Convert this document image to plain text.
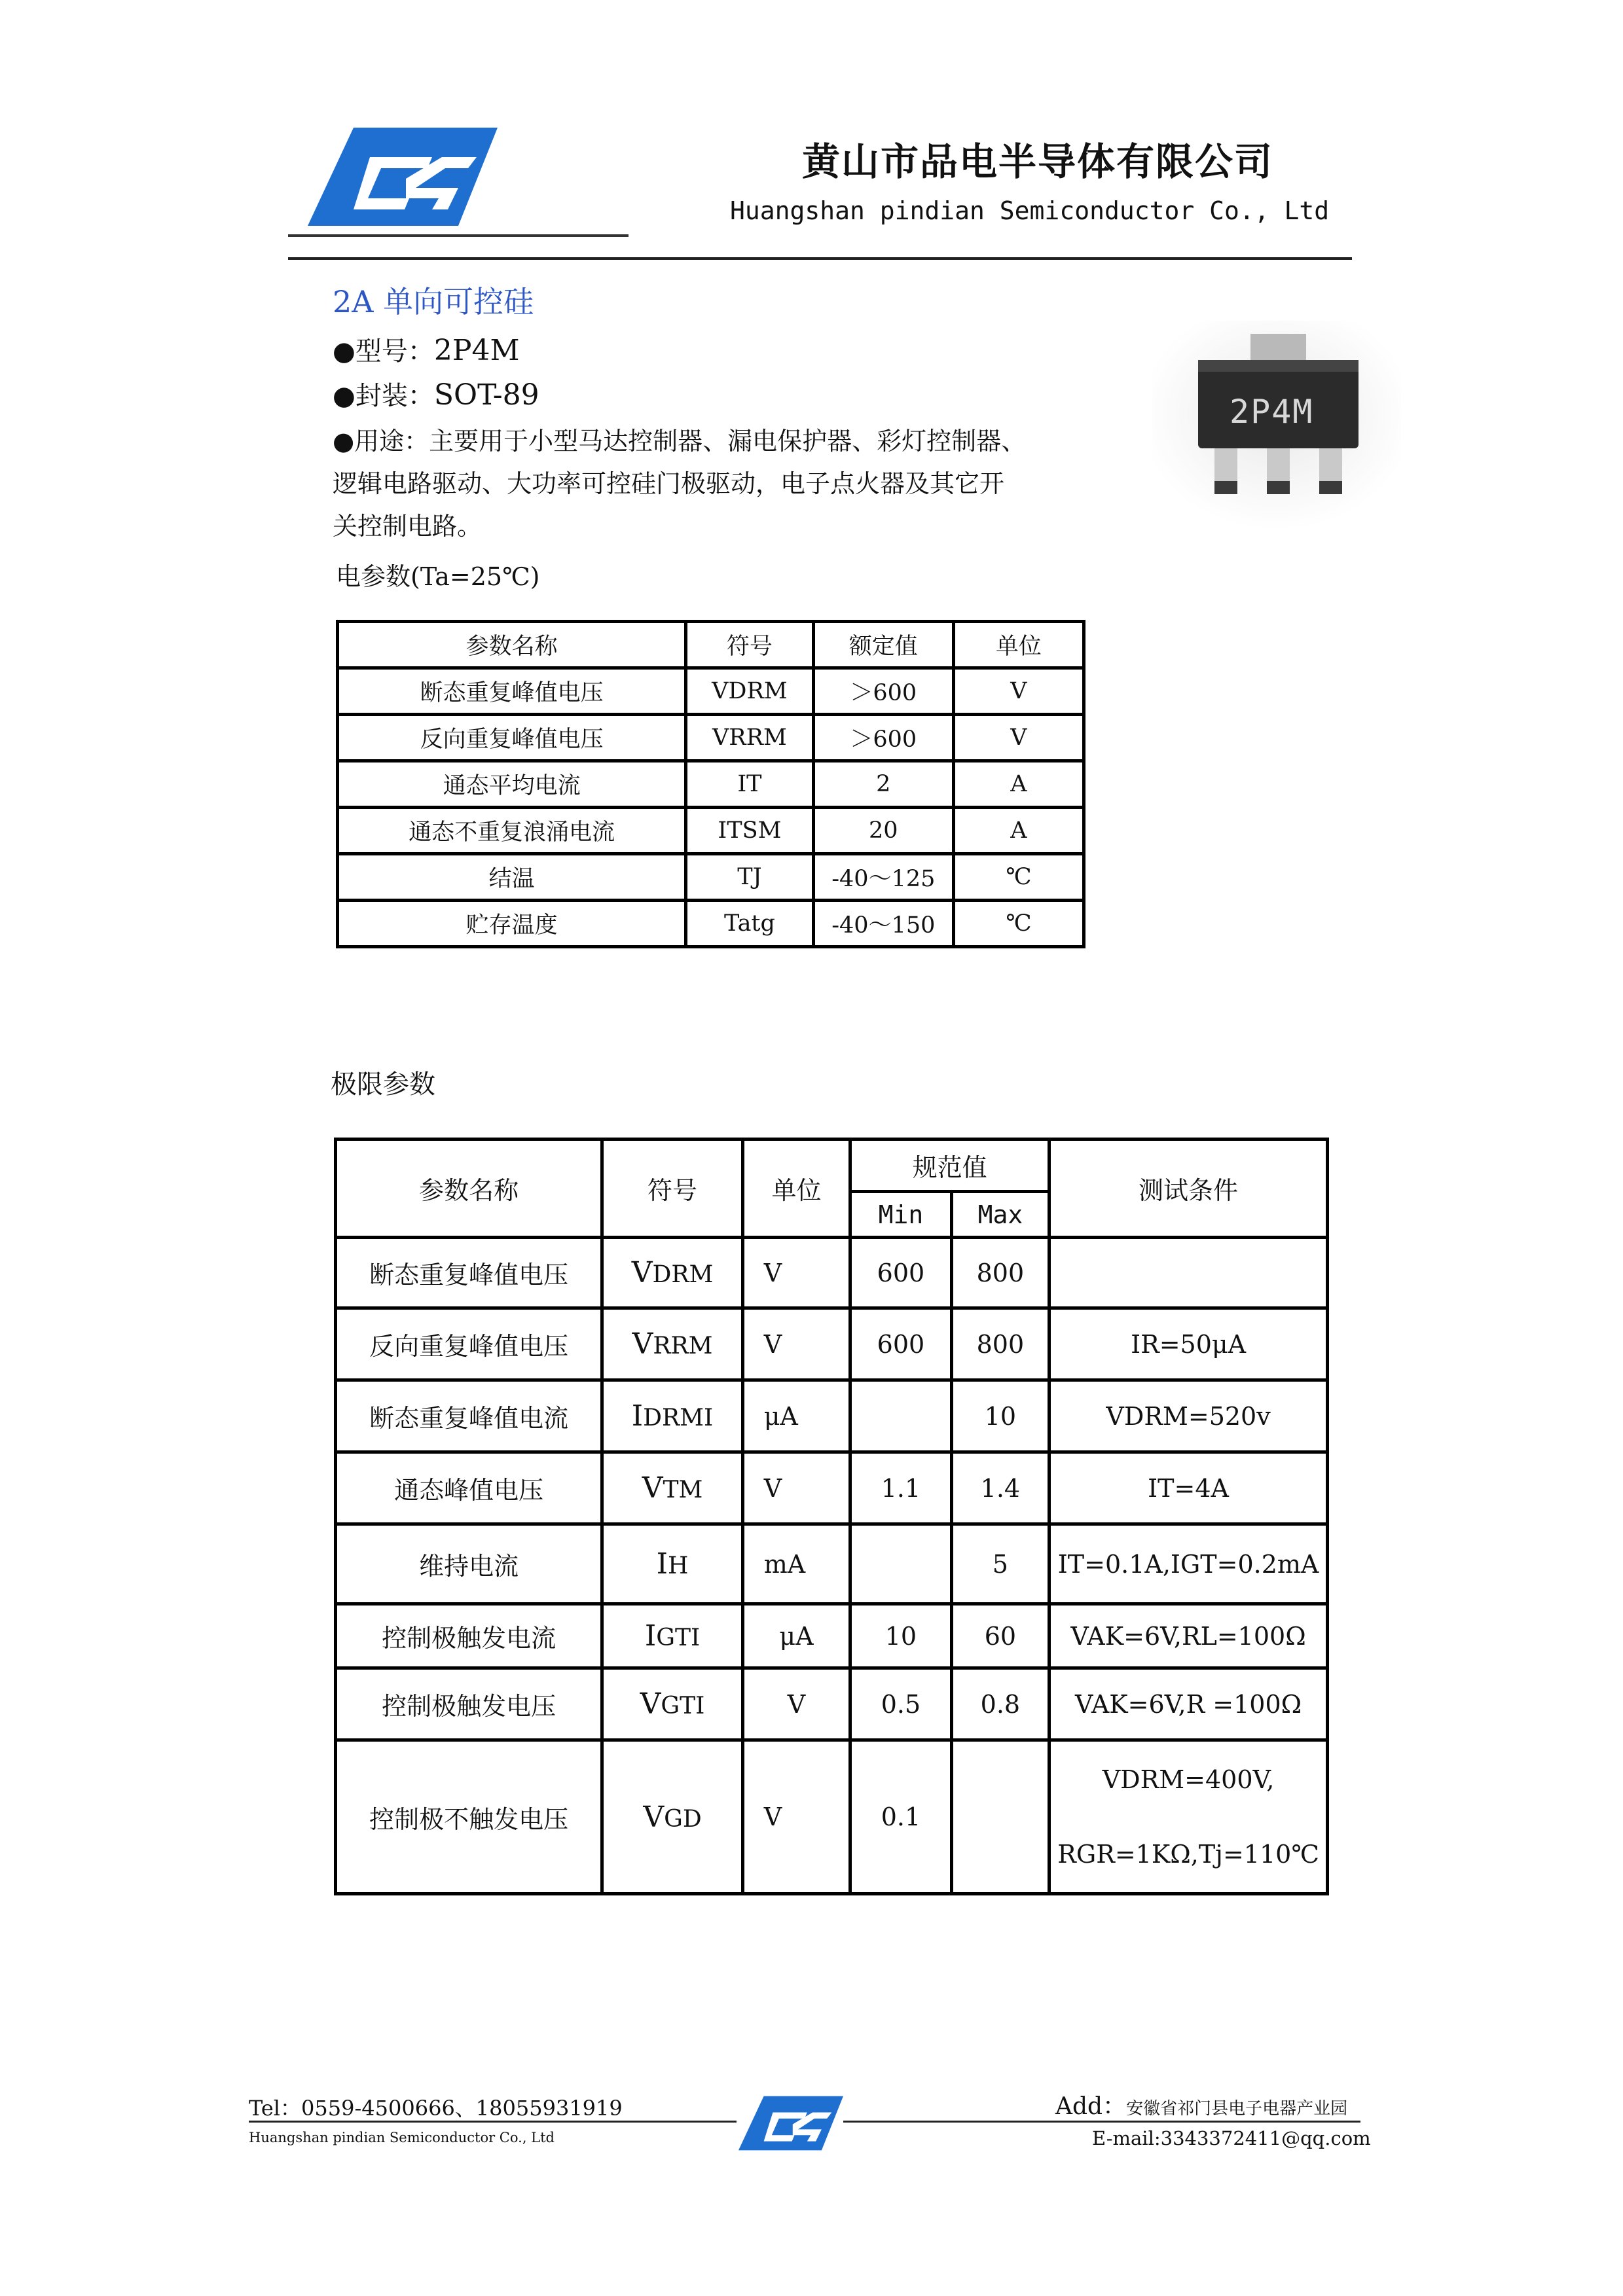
黄山市品电半导体有限公司
Huangshan pindian Semiconductor Co., Ltd
2A 单向可控硅
●型号：2P4M
●封装：SOT-89
●用途：主要用于小型马达控制器、漏电保护器、彩灯控制器、
逻辑电路驱动、大功率可控硅门极驱动，电子点火器及其它开
关控制电路。
2P4M
电参数(Ta=25℃)
参数名称	符号	额定值	单位
断态重复峰值电压	VDRM	＞600	V
反向重复峰值电压	VRRM	＞600	V
通态平均电流	IT	2	A
通态不重复浪涌电流	ITSM	20	A
结温	TJ	-40～125	℃
贮存温度	Tatg	-40～150	℃
极限参数
参数名称	符号	单位	规范值		测试条件
			Min	Max	
断态重复峰值电压	VDRM	V	600	800	
反向重复峰值电压	VRRM	V	600	800	IR=50μA
断态重复峰值电流	IDRMI	μA		10	VDRM=520v
通态峰值电压	VTM	V	1.1	1.4	IT=4A
维持电流	IH	mA		5	IT=0.1A,IGT=0.2mA
控制极触发电流	IGTI	μA	10	60	VAK=6V,RL=100Ω
控制极触发电压	VGTI	V	0.5	0.8	VAK=6V,R =100Ω
控制极不触发电压	VGD	V	0.1		VDRM=400V,
RGR=1KΩ,Tj=110℃
Tel：0559-4500666、18055931919
Huangshan pindian Semiconductor Co., Ltd
Add：安徽省祁门县电子电器产业园
E-mail:3343372411@qq.com
